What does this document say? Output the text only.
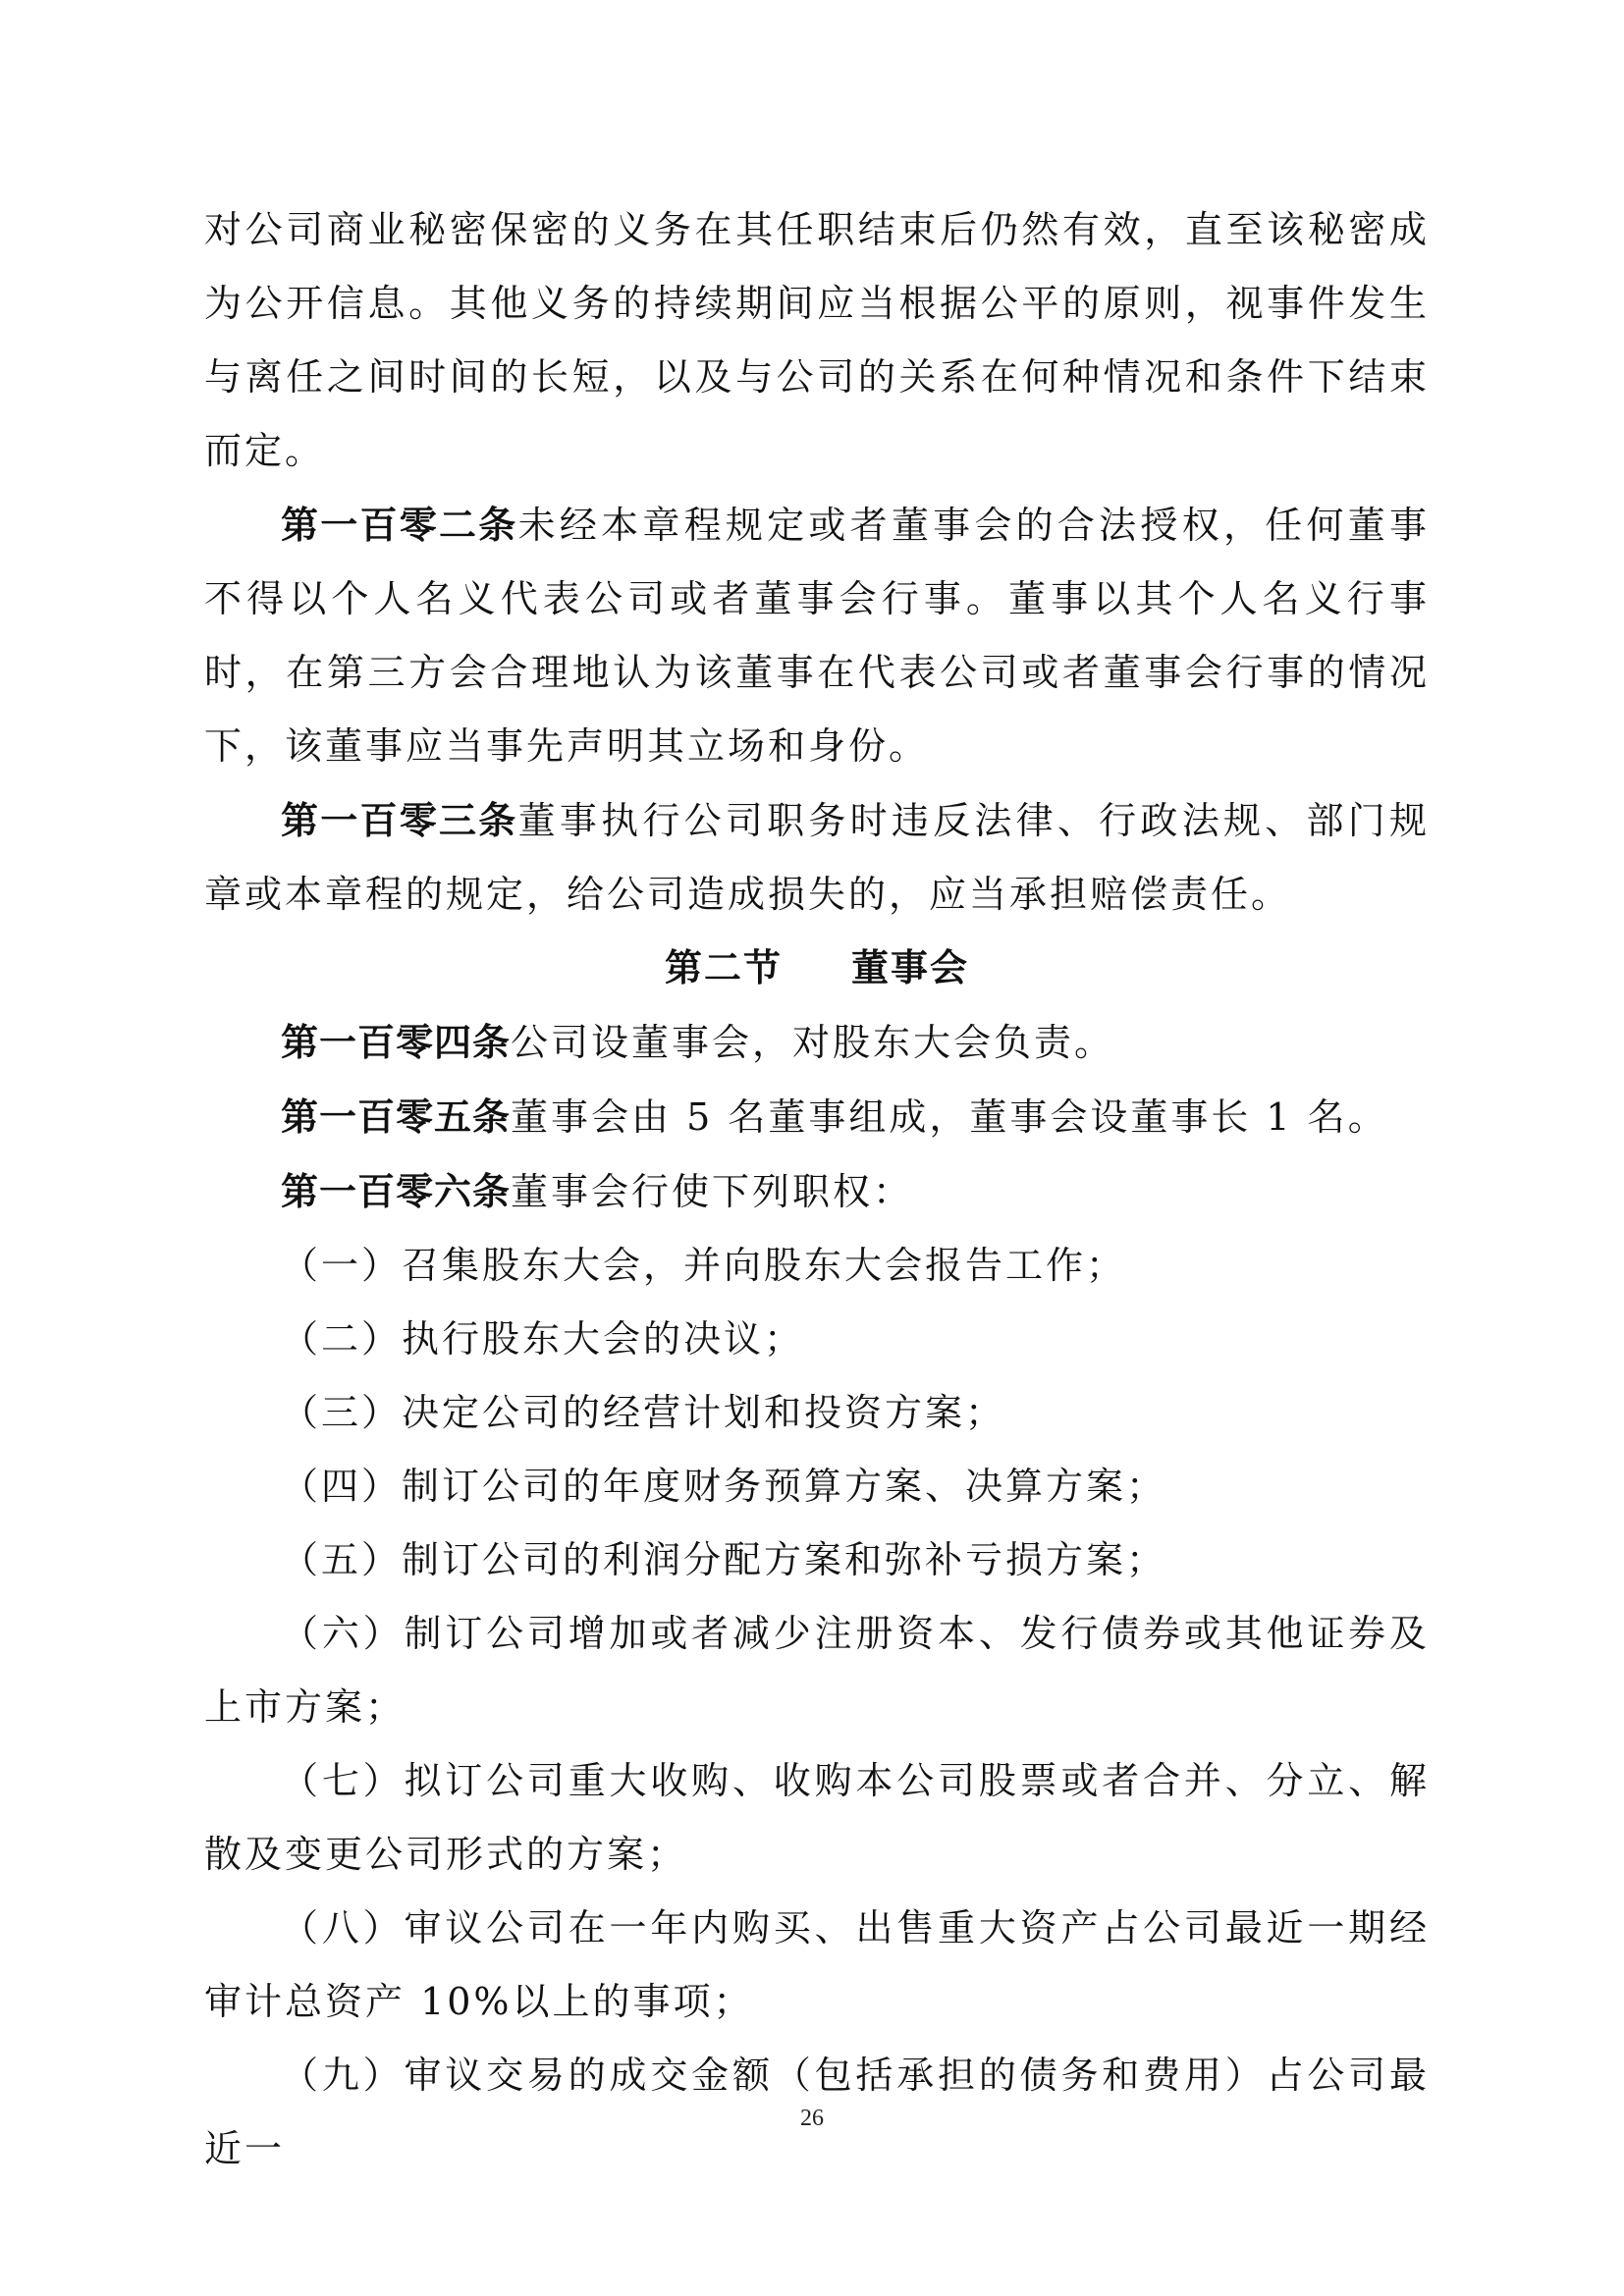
对公司商业秘密保密的义务在其任职结束后仍然有效，直至该秘密成为公开信息。其他义务的持续期间应当根据公平的原则，视事件发生与离任之间时间的长短，以及与公司的关系在何种情况和条件下结束而定。

第一百零二条未经本章程规定或者董事会的合法授权，任何董事不得以个人名义代表公司或者董事会行事。董事以其个人名义行事时，在第三方会合理地认为该董事在代表公司或者董事会行事的情况下，该董事应当事先声明其立场和身份。

第一百零三条董事执行公司职务时违反法律、行政法规、部门规章或本章程的规定，给公司造成损失的，应当承担赔偿责任。

第二节 董事会

第一百零四条公司设董事会，对股东大会负责。

第一百零五条董事会由 5 名董事组成，董事会设董事长 1 名。

第一百零六条董事会行使下列职权：

（一）召集股东大会，并向股东大会报告工作；

（二）执行股东大会的决议；

（三）决定公司的经营计划和投资方案；

（四）制订公司的年度财务预算方案、决算方案；

（五）制订公司的利润分配方案和弥补亏损方案；

（六）制订公司增加或者减少注册资本、发行债券或其他证券及上市方案；

（七）拟订公司重大收购、收购本公司股票或者合并、分立、解散及变更公司形式的方案；

（八）审议公司在一年内购买、出售重大资产占公司最近一期经审计总资产 10%以上的事项；

（九）审议交易的成交金额（包括承担的债务和费用）占公司最近一

26
